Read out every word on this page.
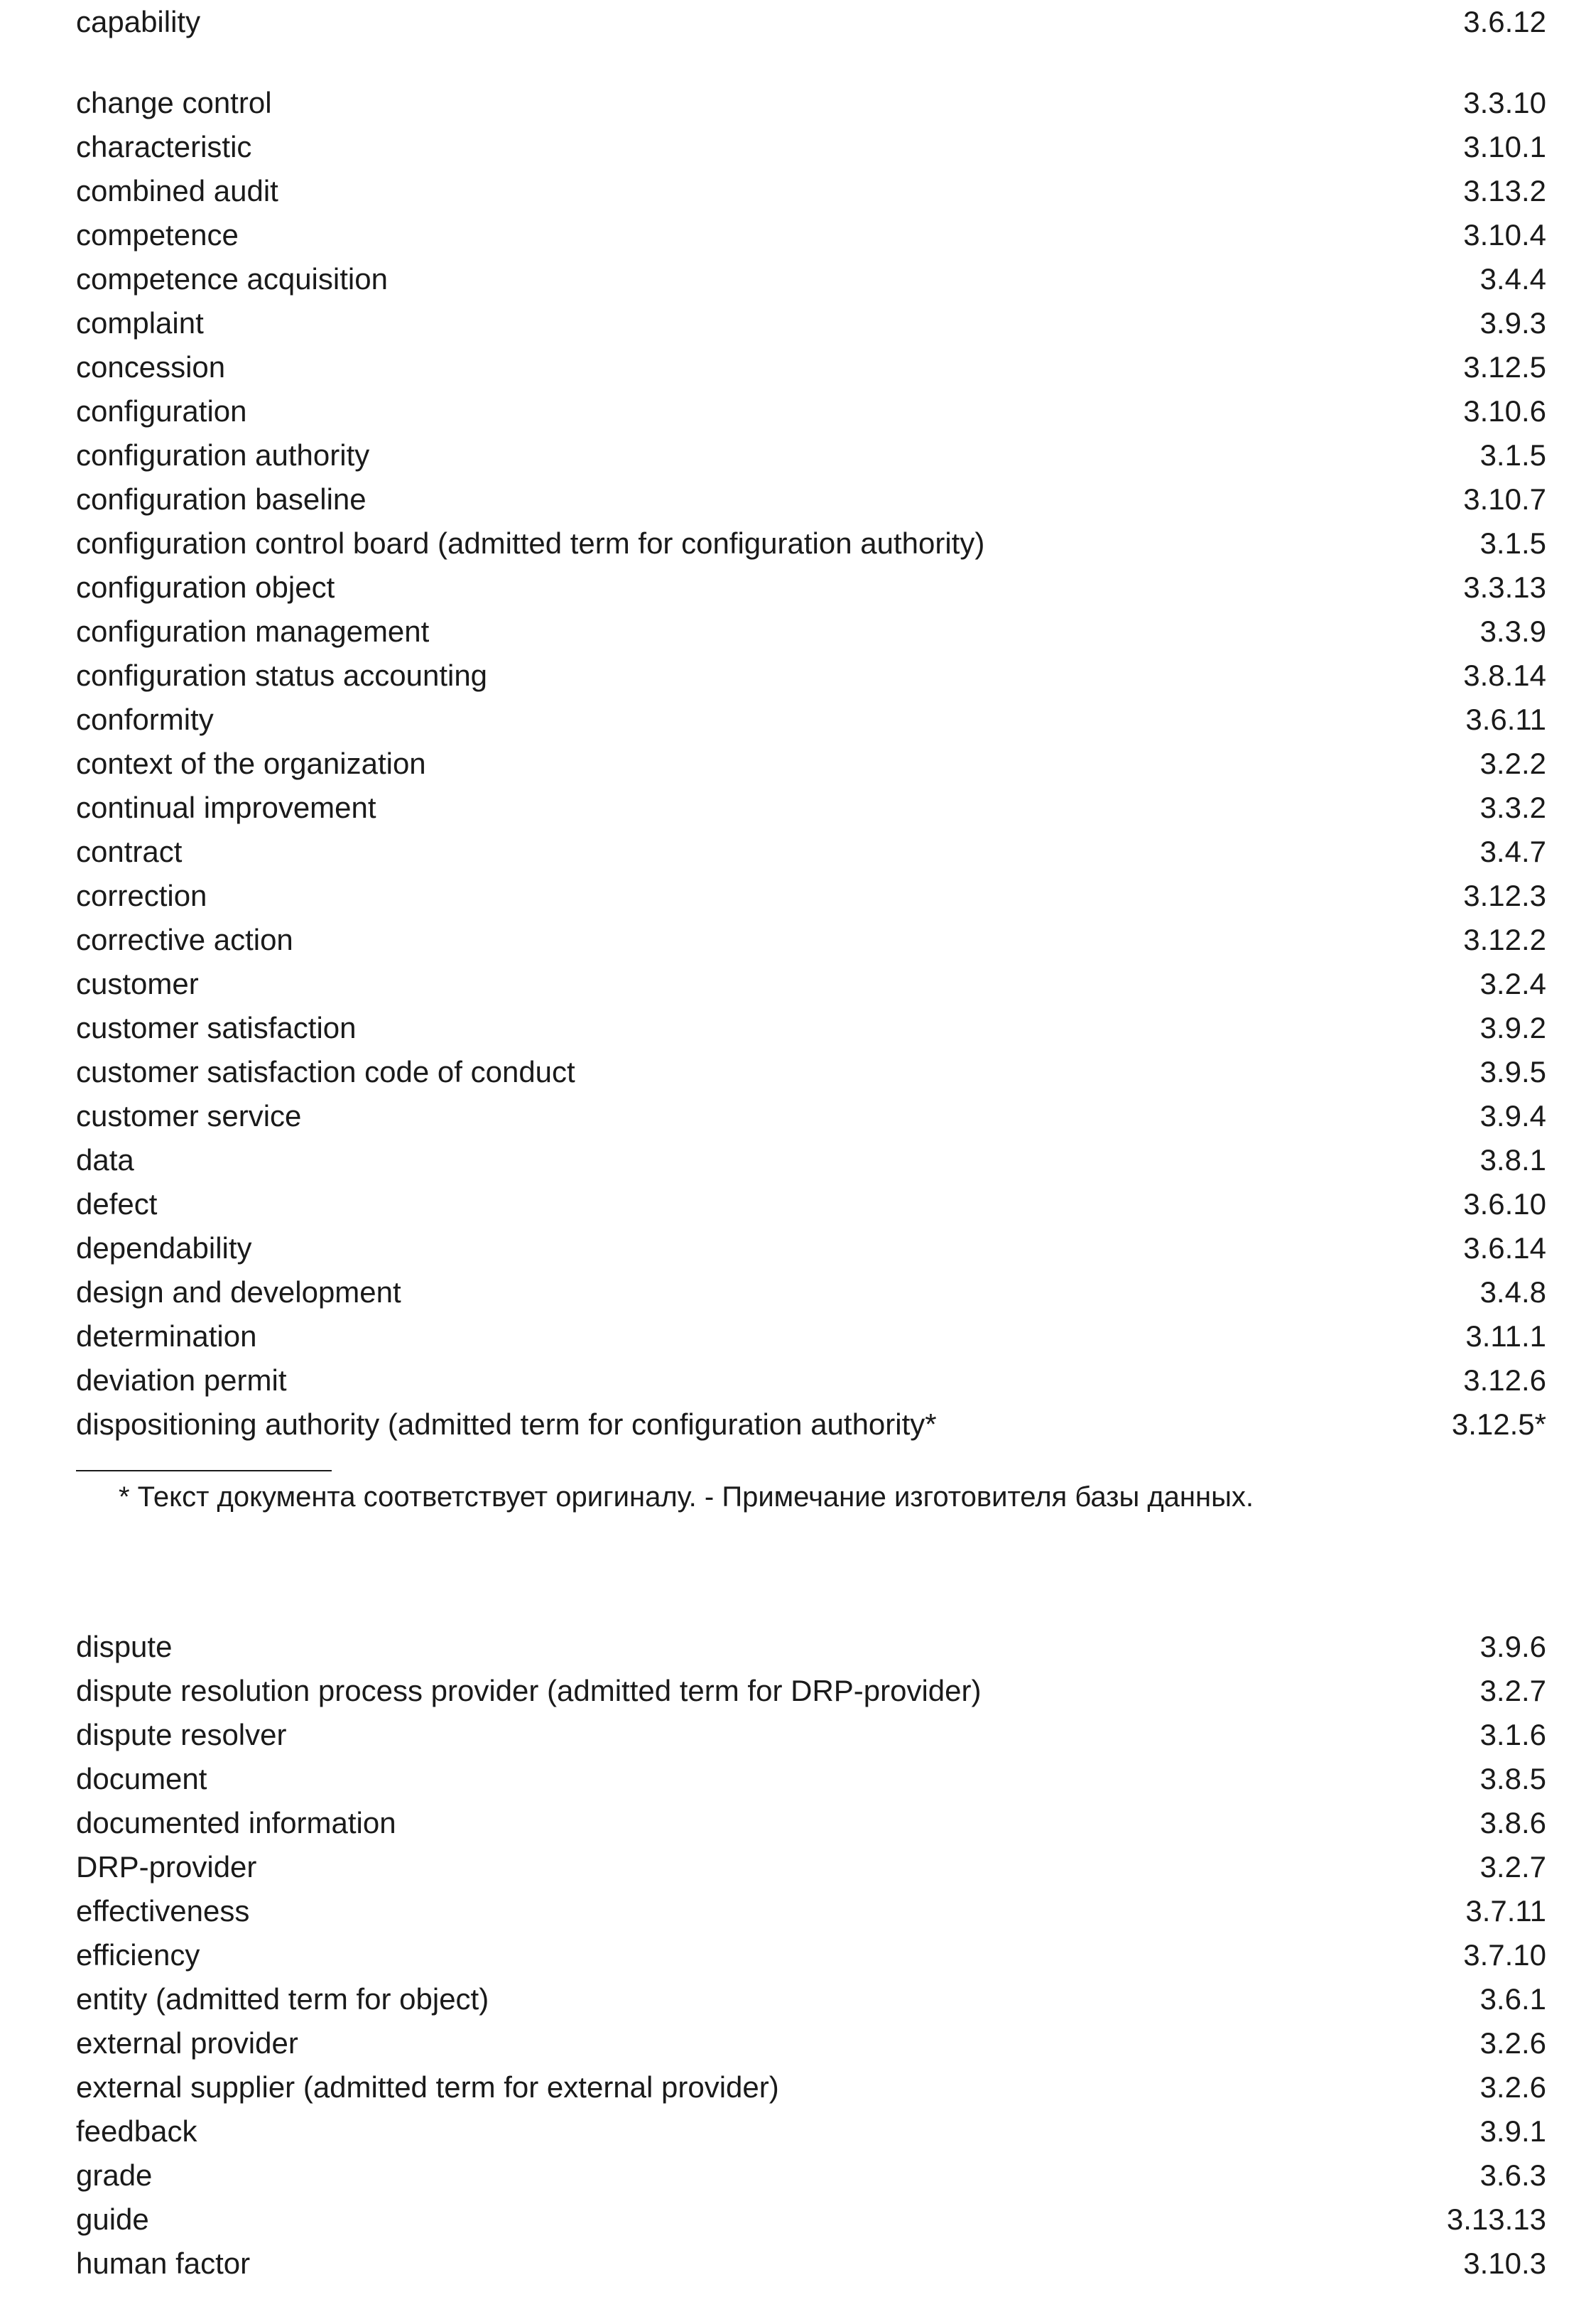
capability	3.6.12
change control	3.3.10
characteristic	3.10.1
combined audit	3.13.2
competence	3.10.4
competence acquisition	3.4.4
complaint	3.9.3
concession	3.12.5
configuration	3.10.6
configuration authority	3.1.5
configuration baseline	3.10.7
configuration control board (admitted term for configuration authority)	3.1.5
configuration object	3.3.13
configuration management	3.3.9
configuration status accounting	3.8.14
conformity	3.6.11
context of the organization	3.2.2
continual improvement	3.3.2
contract	3.4.7
correction	3.12.3
corrective action	3.12.2
customer	3.2.4
customer satisfaction	3.9.2
customer satisfaction code of conduct	3.9.5
customer service	3.9.4
data	3.8.1
defect	3.6.10
dependability	3.6.14
design and development	3.4.8
determination	3.11.1
deviation permit	3.12.6
dispositioning authority (admitted term for configuration authority*	3.12.5*
* Текст документа соответствует оригиналу. - Примечание изготовителя базы данных.
dispute	3.9.6
dispute resolution process provider (admitted term for DRP-provider)	3.2.7
dispute resolver	3.1.6
document	3.8.5
documented information	3.8.6
DRP-provider	3.2.7
effectiveness	3.7.11
efficiency	3.7.10
entity (admitted term for object)	3.6.1
external provider	3.2.6
external supplier (admitted term for external provider)	3.2.6
feedback	3.9.1
grade	3.6.3
guide	3.13.13
human factor	3.10.3
